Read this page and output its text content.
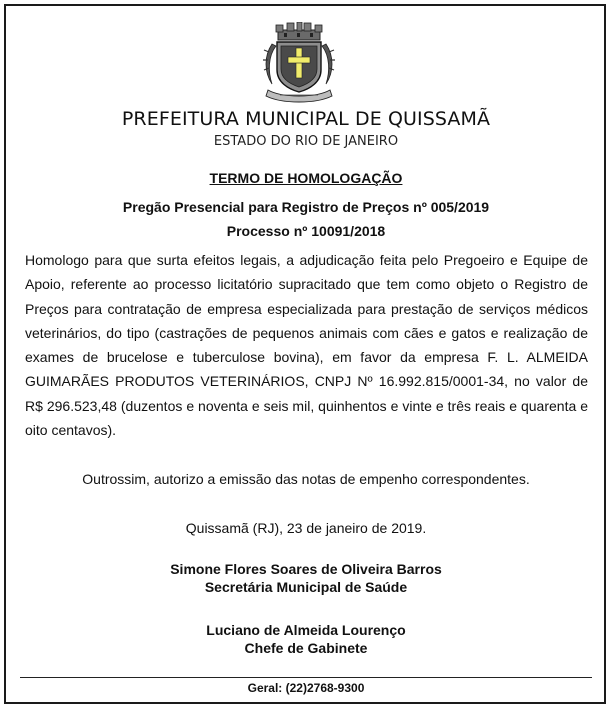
PREFEITURA MUNICIPAL DE QUISSAMÃ
ESTADO DO RIO DE JANEIRO
TERMO DE HOMOLOGAÇÃO
Pregão Presencial para Registro de Preços nº 005/2019
Processo nº 10091/2018
Homologo para que surta efeitos legais, a adjudicação feita pelo Pregoeiro e Equipe de Apoio, referente ao processo licitatório supracitado que tem como objeto o Registro de Preços para contratação de empresa especializada para prestação de serviços médicos veterinários, do tipo (castrações de pequenos animais com cães e gatos e realização de exames de brucelose e tuberculose bovina), em favor da empresa F. L. ALMEIDA GUIMARÃES PRODUTOS VETERINÁRIOS, CNPJ Nº 16.992.815/0001-34, no valor de R$ 296.523,48 (duzentos e noventa e seis mil, quinhentos e vinte e três reais e quarenta e oito centavos).
Outrossim, autorizo a emissão das notas de empenho correspondentes.
Quissamã (RJ), 23 de janeiro de 2019.
Simone Flores Soares de Oliveira Barros
Secretária Municipal de Saúde
Luciano de Almeida Lourenço
Chefe de Gabinete
Geral: (22)2768-9300
